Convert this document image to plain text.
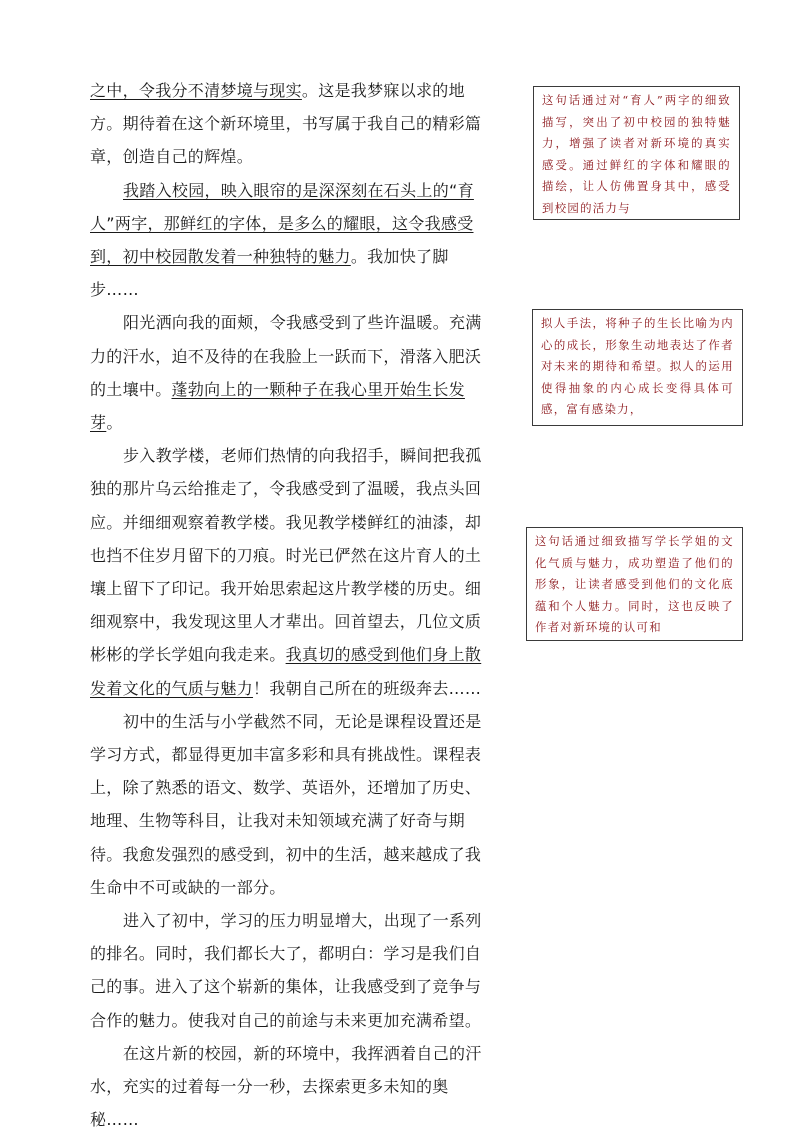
之中，令我分不清梦境与现实。这是我梦寐以求的地方。期待着在这个新环境里，书写属于我自己的精彩篇章，创造自己的辉煌。

我踏入校园，映入眼帘的是深深刻在石头上的“育人”两字，那鲜红的字体，是多么的耀眼，这令我感受到，初中校园散发着一种独特的魅力。我加快了脚步……

阳光洒向我的面颊，令我感受到了些许温暖。充满力的汗水，迫不及待的在我脸上一跃而下，滑落入肥沃的土壤中。蓬勃向上的一颗种子在我心里开始生长发芽。

步入教学楼，老师们热情的向我招手，瞬间把我孤独的那片乌云给推走了，令我感受到了温暖，我点头回应。并细细观察着教学楼。我见教学楼鲜红的油漆，却也挡不住岁月留下的刀痕。时光已俨然在这片育人的土壤上留下了印记。我开始思索起这片教学楼的历史。细细观察中，我发现这里人才辈出。回首望去，几位文质彬彬的学长学姐向我走来。我真切的感受到他们身上散发着文化的气质与魅力！我朝自己所在的班级奔去……

初中的生活与小学截然不同，无论是课程设置还是学习方式，都显得更加丰富多彩和具有挑战性。课程表上，除了熟悉的语文、数学、英语外，还增加了历史、地理、生物等科目，让我对未知领域充满了好奇与期待。我愈发强烈的感受到，初中的生活，越来越成了我生命中不可或缺的一部分。

进入了初中，学习的压力明显增大，出现了一系列的排名。同时，我们都长大了，都明白：学习是我们自己的事。进入了这个崭新的集体，让我感受到了竞争与合作的魅力。使我对自己的前途与未来更加充满希望。

在这片新的校园，新的环境中，我挥洒着自己的汗水，充实的过着每一分一秒，去探索更多未知的奥秘……

这句话通过对“育人”两字的细致描写，突出了初中校园的独特魅力，增强了读者对新环境的真实感受。通过鲜红的字体和耀眼的描绘，让人仿佛置身其中，感受到校园的活力与
拟人手法，将种子的生长比喻为内心的成长，形象生动地表达了作者对未来的期待和希望。拟人的运用使得抽象的内心成长变得具体可感，富有感染力，
这句话通过细致描写学长学姐的文化气质与魅力，成功塑造了他们的形象，让读者感受到他们的文化底蕴和个人魅力。同时，这也反映了作者对新环境的认可和
